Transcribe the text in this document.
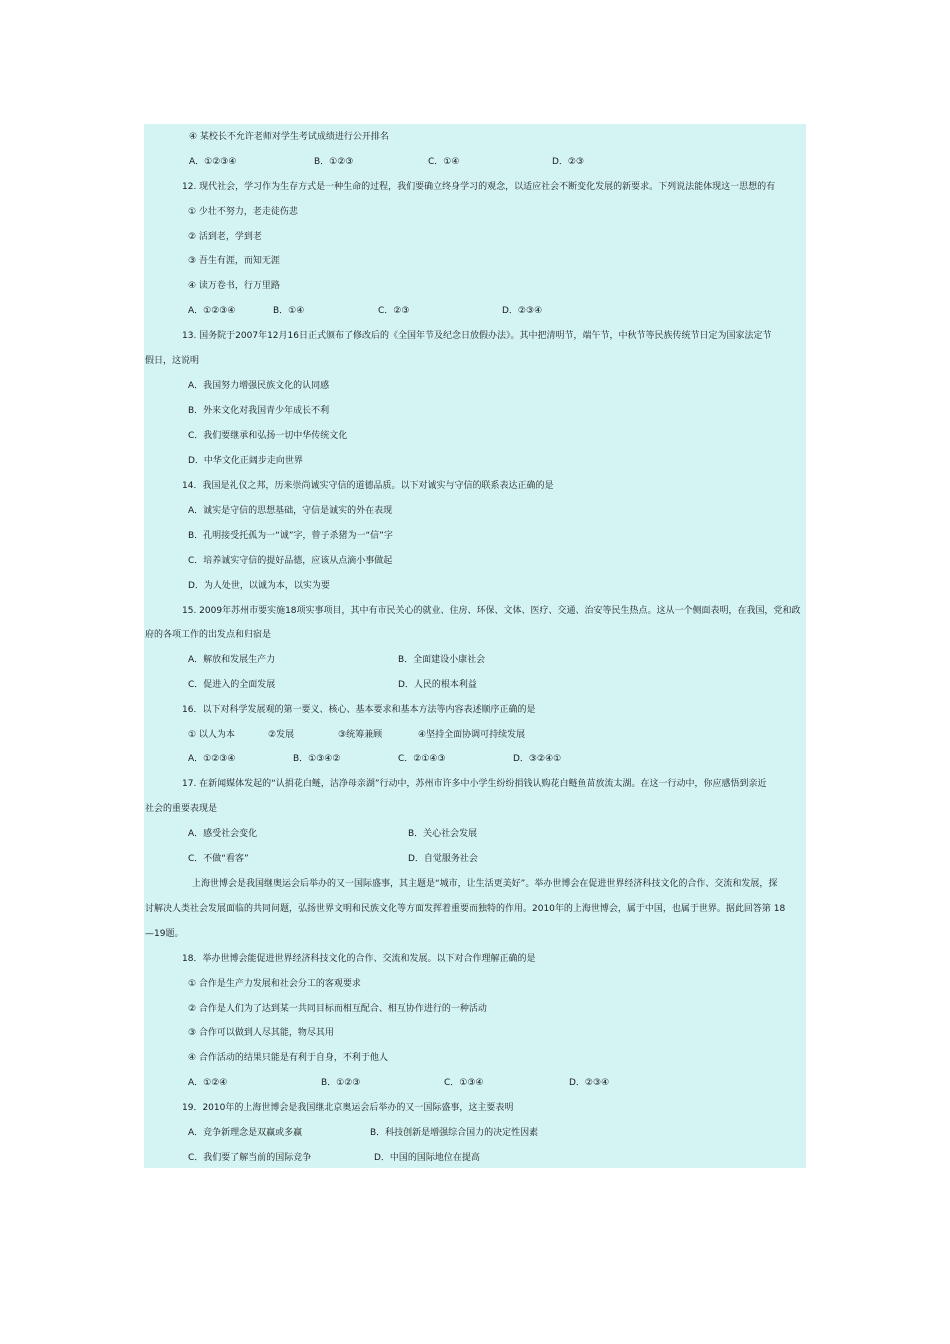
④ 某校长不允许老师对学生考试成绩进行公开排名
A．①②③④	B．①②③	C．①④	D．②③
12. 现代社会，学习作为生存方式是一种生命的过程，我们要确立终身学习的观念，以适应社会不断变化发展的新要求。下列说法能体现这一思想的有
① 少壮不努力，老走徒伤悲
② 活到老，学到老
③ 吾生有涯，而知无涯
④ 读万卷书，行万里路
A．①②③④	B．①④	C．②③	D．②③④
13. 国务院于2007年12月16日正式颁布了修改后的《全国年节及纪念日放假办法》。其中把清明节，端午节，中秋节等民族传统节日定为国家法定节
假日，这说明
A．我国努力增强民族文化的认同感
B．外来文化对我国青少年成长不利
C．我们要继承和弘扬一切中华传统文化
D．中华文化正阔步走向世界
14．我国是礼仪之邦，历来崇尚诚实守信的道德品质。以下对诚实与守信的联系表达正确的是
A．诚实是守信的思想基础，守信是诚实的外在表现
B．孔明接受托孤为一“诚”字，曾子杀猪为一“信”字
C．培养诚实守信的提好品德，应该从点滴小事做起
D．为人处世，以诚为本，以实为要
15. 2009年苏州市要实施18项实事项目，其中有市民关心的就业、住房、环保、文体、医疗、交通、治安等民生热点。这从一个侧面表明，在我国，党和政
府的各项工作的出发点和归宿是
A．解放和发展生产力	B．全面建设小康社会
C．促进入的全面发展	D．人民的根本利益
16．以下对科学发展观的第一要义、核心、基本要求和基本方法等内容表述顺序正确的是
① 以人为本	②发展	③统筹兼顾	④坚持全面协调可持续发展
A．①②③④	B．①③④②	C．②①④③	D．③②④①
17. 在新闻媒体发起的“认捐花白鲢，洁净母亲湖”行动中，苏州市许多中小学生纷纷捐钱认购花白鲢鱼苗放流太湖。在这一行动中，你应感悟到亲近
社会的重要表现是
A．感受社会变化	B．关心社会发展
C．不做“看客”	D．自觉服务社会
上海世博会是我国继奥运会后举办的又一国际盛事，其主题是“城市，让生活更美好”。举办世博会在促进世界经济科技文化的合作、交流和发展，探
讨解决人类社会发展面临的共同问题，弘扬世界文明和民族文化等方面发挥着重要而独特的作用。2010年的上海世博会，属于中国，也属于世界。据此回答第 18
—19题。
18．举办世博会能促进世界经济科技文化的合作、交流和发展。以下对合作理解正确的是
① 合作是生产力发展和社会分工的客观要求
② 合作是人们为了达到某一共同目标而相互配合、相互协作进行的一种活动
③ 合作可以做到人尽其能，物尽其用
④ 合作活动的结果只能是有利于自身，不利于他人
A．①②④	B．①②③	C．①③④	D．②③④
19．2010年的上海世博会是我国继北京奥运会后举办的又一国际盛事，这主要表明
A．竞争新理念是双赢或多赢	B．科技创新是增强综合国力的决定性因素
C．我们要了解当前的国际竞争	D．中国的国际地位在提高
